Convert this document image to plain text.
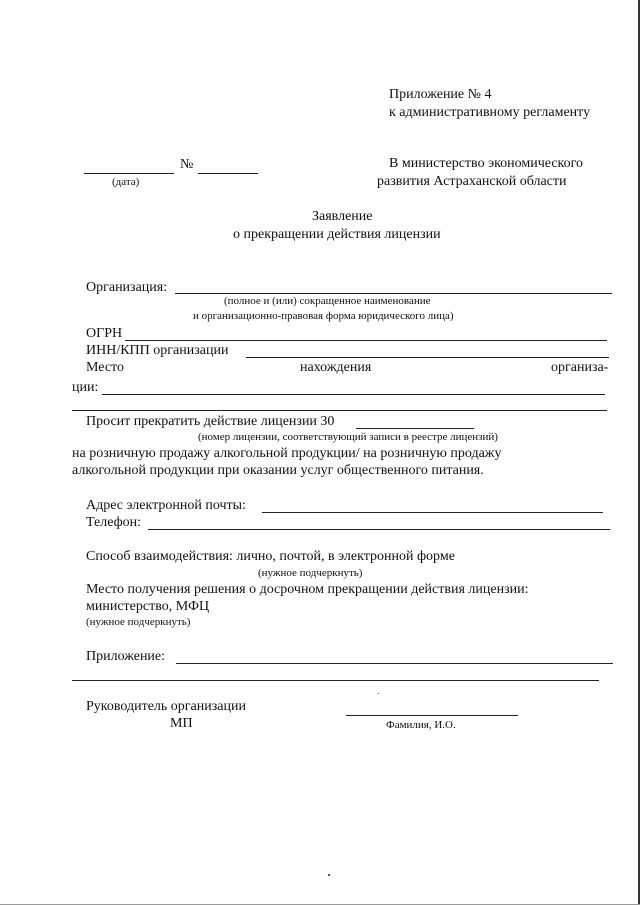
Приложение № 4
к административному регламенту
№
(дата)
В министерство экономического
развития Астраханской области
Заявление
о прекращении действия лицензии
Организация:
(полное и (или) сокращенное наименование
и организационно-правовая форма юридического лица)
ОГРН
ИНН/КПП организации
Место	нахождения	организа-
ции:
Просит прекратить действие лицензии 30
(номер лицензии, соответствующий записи в реестре лицензий)
на розничную продажу алкогольной продукции/ на розничную продажу
алкогольной продукции при оказании услуг общественного питания.
Адрес электронной почты:
Телефон:
Способ взаимодействия: лично, почтой, в электронной форме
(нужное подчеркнуть)
Место получения решения о досрочном прекращении действия лицензии:
министерство, МФЦ
(нужное подчеркнуть)
Приложение:
Руководитель организации
МП	Фамилия, И.О.
